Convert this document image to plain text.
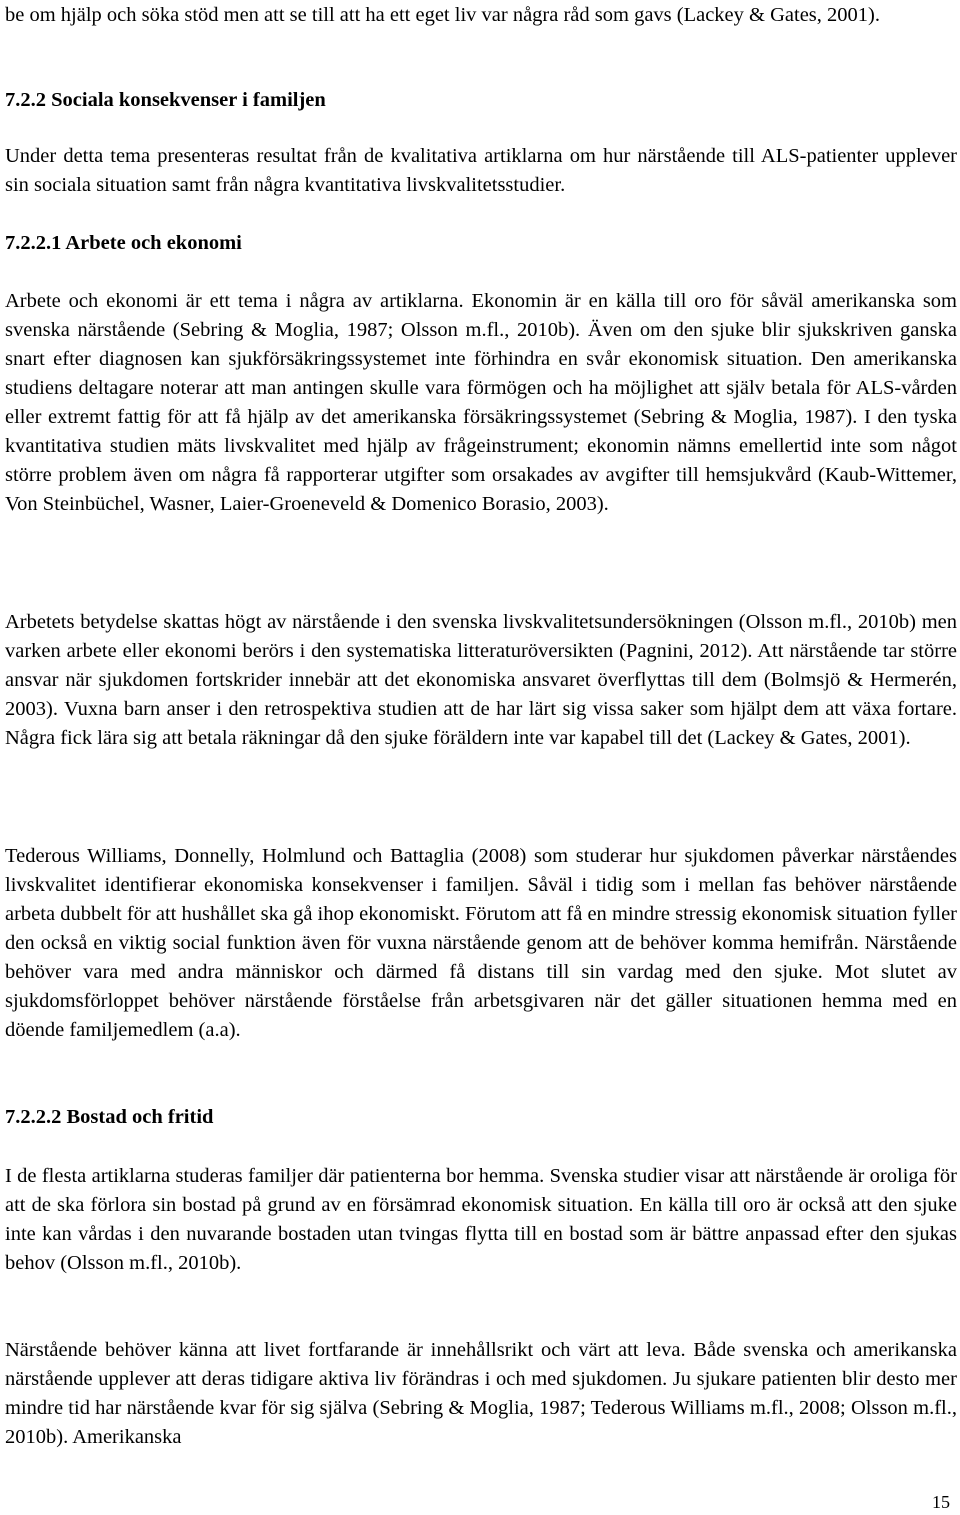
be om hjälp och söka stöd men att se till att ha ett eget liv var några råd som gavs (Lackey & Gates, 2001).

7.2.2 Sociala konsekvenser i familjen

Under detta tema presenteras resultat från de kvalitativa artiklarna om hur närstående till ALS-patienter upplever sin sociala situation samt från några kvantitativa livskvalitetsstudier.

7.2.2.1 Arbete och ekonomi

Arbete och ekonomi är ett tema i några av artiklarna. Ekonomin är en källa till oro för såväl amerikanska som svenska närstående (Sebring & Moglia, 1987; Olsson m.fl., 2010b). Även om den sjuke blir sjukskriven ganska snart efter diagnosen kan sjukförsäkringssystemet inte förhindra en svår ekonomisk situation. Den amerikanska studiens deltagare noterar att man antingen skulle vara förmögen och ha möjlighet att själv betala för ALS-vården eller extremt fattig för att få hjälp av det amerikanska försäkringssystemet (Sebring & Moglia, 1987). I den tyska kvantitativa studien mäts livskvalitet med hjälp av frågeinstrument; ekonomin nämns emellertid inte som något större problem även om några få rapporterar utgifter som orsakades av avgifter till hemsjukvård (Kaub-Wittemer, Von Steinbüchel, Wasner, Laier-Groeneveld & Domenico Borasio, 2003).

Arbetets betydelse skattas högt av närstående i den svenska livskvalitetsundersökningen (Olsson m.fl., 2010b) men varken arbete eller ekonomi berörs i den systematiska litteraturöversikten (Pagnini, 2012). Att närstående tar större ansvar när sjukdomen fortskrider innebär att det ekonomiska ansvaret överflyttas till dem (Bolmsjö & Hermerén, 2003). Vuxna barn anser i den retrospektiva studien att de har lärt sig vissa saker som hjälpt dem att växa fortare. Några fick lära sig att betala räkningar då den sjuke föräldern inte var kapabel till det (Lackey & Gates, 2001).

Tederous Williams, Donnelly, Holmlund och Battaglia (2008) som studerar hur sjukdomen påverkar närståendes livskvalitet identifierar ekonomiska konsekvenser i familjen. Såväl i tidig som i mellan fas behöver närstående arbeta dubbelt för att hushållet ska gå ihop ekonomiskt. Förutom att få en mindre stressig ekonomisk situation fyller den också en viktig social funktion även för vuxna närstående genom att de behöver komma hemifrån. Närstående behöver vara med andra människor och därmed få distans till sin vardag med den sjuke. Mot slutet av sjukdomsförloppet behöver närstående förståelse från arbetsgivaren när det gäller situationen hemma med en döende familjemedlem (a.a).

7.2.2.2 Bostad och fritid

I de flesta artiklarna studeras familjer där patienterna bor hemma. Svenska studier visar att närstående är oroliga för att de ska förlora sin bostad på grund av en försämrad ekonomisk situation. En källa till oro är också att den sjuke inte kan vårdas i den nuvarande bostaden utan tvingas flytta till en bostad som är bättre anpassad efter den sjukas behov (Olsson m.fl., 2010b).

Närstående behöver känna att livet fortfarande är innehållsrikt och värt att leva. Både svenska och amerikanska närstående upplever att deras tidigare aktiva liv förändras i och med sjukdomen. Ju sjukare patienten blir desto mer mindre tid har närstående kvar för sig själva (Sebring & Moglia, 1987; Tederous Williams m.fl., 2008; Olsson m.fl., 2010b). Amerikanska

15
